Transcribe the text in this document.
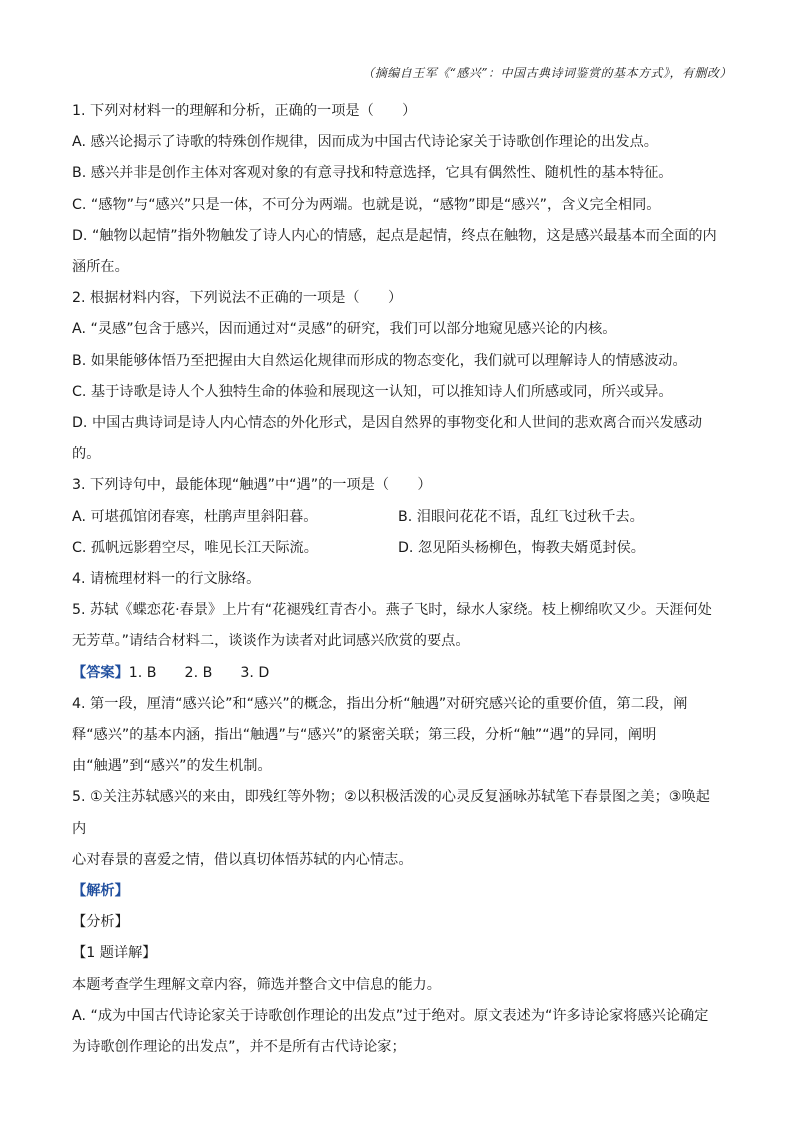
（摘编自王军《“感兴”：中国古典诗词鉴赏的基本方式》，有删改）

1. 下列对材料一的理解和分析，正确的一项是（　　）

A. 感兴论揭示了诗歌的特殊创作规律，因而成为中国古代诗论家关于诗歌创作理论的出发点。

B. 感兴并非是创作主体对客观对象的有意寻找和特意选择，它具有偶然性、随机性的基本特征。

C. “感物”与“感兴”只是一体，不可分为两端。也就是说，“感物”即是“感兴”，含义完全相同。

D. “触物以起情”指外物触发了诗人内心的情感，起点是起情，终点在触物，这是感兴最基本而全面的内

涵所在。

2. 根据材料内容，下列说法不正确的一项是（　　）

A. “灵感”包含于感兴，因而通过对“灵感”的研究，我们可以部分地窥见感兴论的内核。

B. 如果能够体悟乃至把握由大自然运化规律而形成的物态变化，我们就可以理解诗人的情感波动。

C. 基于诗歌是诗人个人独特生命的体验和展现这一认知，可以推知诗人们所感或同，所兴或异。

D. 中国古典诗词是诗人内心情态的外化形式，是因自然界的事物变化和人世间的悲欢离合而兴发感动

的。

3. 下列诗句中，最能体现“触遇”中“遇”的一项是（　　）

A. 可堪孤馆闭春寒，杜鹃声里斜阳暮。	B. 泪眼问花花不语，乱红飞过秋千去。
C. 孤帆远影碧空尽，唯见长江天际流。	D. 忽见陌头杨柳色，悔教夫婿觅封侯。

4. 请梳理材料一的行文脉络。

5. 苏轼《蝶恋花·春景》上片有“花褪残红青杏小。燕子飞时，绿水人家绕。枝上柳绵吹又少。天涯何处

无芳草。”请结合材料二，谈谈作为读者对此词感兴欣赏的要点。

【答案】1. B 2. B 3. D

4. 第一段，厘清“感兴论”和“感兴”的概念，指出分析“触遇”对研究感兴论的重要价值，第二段，阐

释“感兴”的基本内涵，指出“触遇”与“感兴”的紧密关联；第三段，分析“触”“遇”的异同，阐明

由“触遇”到“感兴”的发生机制。

5. ①关注苏轼感兴的来由，即残红等外物；②以积极活泼的心灵反复涵咏苏轼笔下春景图之美；③唤起内

心对春景的喜爱之情，借以真切体悟苏轼的内心情志。

【解析】

【分析】

【1 题详解】

本题考查学生理解文章内容，筛选并整合文中信息的能力。

A. “成为中国古代诗论家关于诗歌创作理论的出发点”过于绝对。原文表述为“许多诗论家将感兴论确定

为诗歌创作理论的出发点”，并不是所有古代诗论家；
